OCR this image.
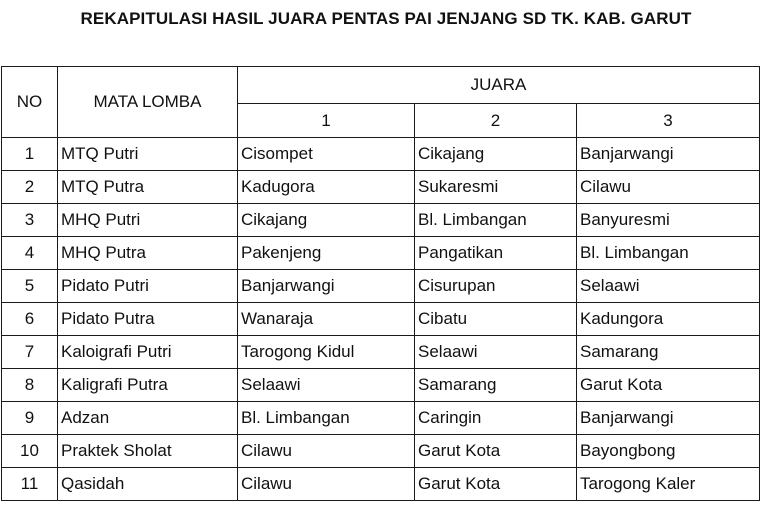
REKAPITULASI HASIL JUARA PENTAS PAI JENJANG SD TK. KAB. GARUT
NO	MATA LOMBA	JUARA		
		1	2	3
1	MTQ Putri	Cisompet	Cikajang	Banjarwangi
2	MTQ Putra	Kadugora	Sukaresmi	Cilawu
3	MHQ Putri	Cikajang	Bl. Limbangan	Banyuresmi
4	MHQ Putra	Pakenjeng	Pangatikan	Bl. Limbangan
5	Pidato Putri	Banjarwangi	Cisurupan	Selaawi
6	Pidato Putra	Wanaraja	Cibatu	Kadungora
7	Kaloigrafi Putri	Tarogong Kidul	Selaawi	Samarang
8	Kaligrafi Putra	Selaawi	Samarang	Garut Kota
9	Adzan	Bl. Limbangan	Caringin	Banjarwangi
10	Praktek Sholat	Cilawu	Garut Kota	Bayongbong
11	Qasidah	Cilawu	Garut Kota	Tarogong Kaler
